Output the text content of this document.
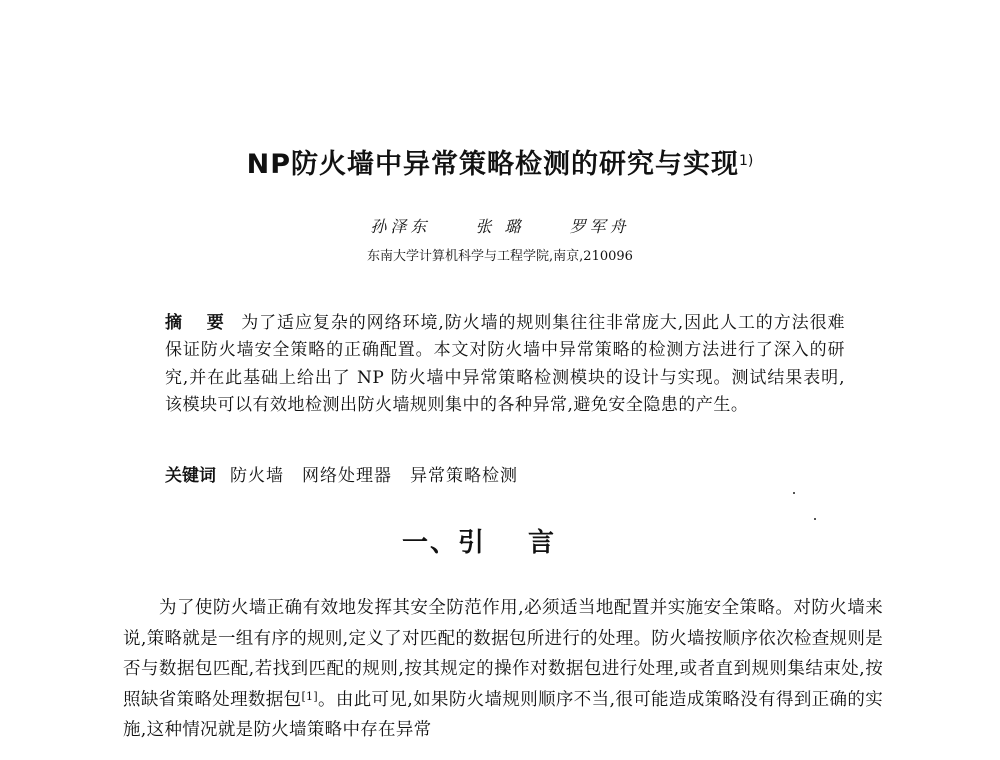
NP防火墙中异常策略检测的研究与实现$^{1)}$
孙泽东	张 璐	罗军舟
东南大学计算机科学与工程学院,南京,210096
摘 要 为了适应复杂的网络环境,防火墙的规则集往往非常庞大,因此人工的方法很难保证防火墙安全策略的正确配置。本文对防火墙中异常策略的检测方法进行了深入的研究,并在此基础上给出了 NP 防火墙中异常策略检测模块的设计与实现。测试结果表明,该模块可以有效地检测出防火墙规则集中的各种异常,避免安全隐患的产生。
关键词 防火墙 网络处理器 异常策略检测
一、引言

为了使防火墙正确有效地发挥其安全防范作用,必须适当地配置并实施安全策略。对防火墙来说,策略就是一组有序的规则,定义了对匹配的数据包所进行的处理。防火墙按顺序依次检查规则是否与数据包匹配,若找到匹配的规则,按其规定的操作对数据包进行处理,或者直到规则集结束处,按照缺省策略处理数据包[1]。由此可见,如果防火墙规则顺序不当,很可能造成策略没有得到正确的实施,这种情况就是防火墙策略中存在异常
